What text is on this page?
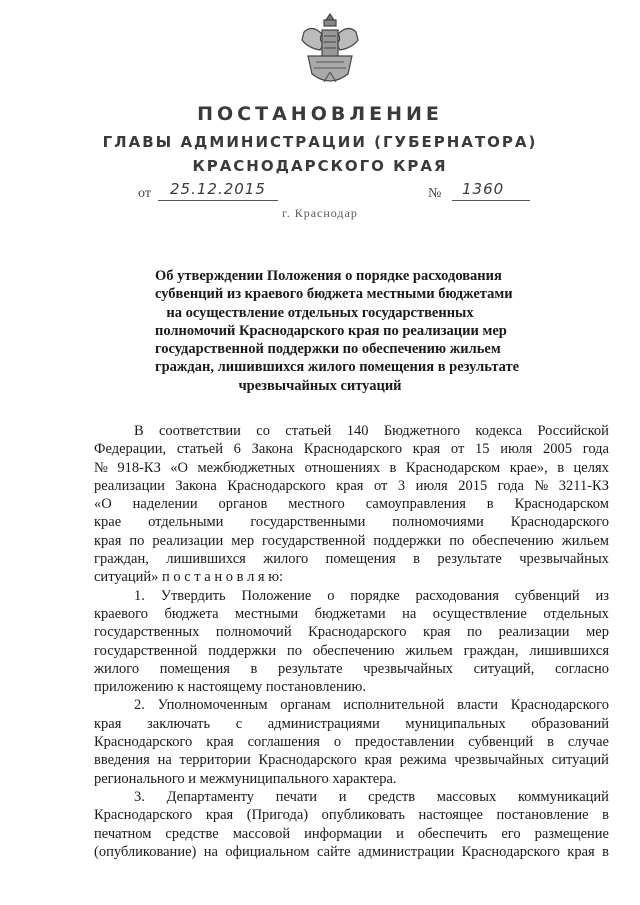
ПОСТАНОВЛЕНИЕ
ГЛАВЫ АДМИНИСТРАЦИИ (ГУБЕРНАТОРА)
КРАСНОДАРСКОГО КРАЯ
от 25.12.2015	№ 1360
г. Краснодар
Об утверждении Положения о порядке расходования
субвенций из краевого бюджета местными бюджетами
на осуществление отдельных государственных
полномочий Краснодарского края по реализации мер
государственной поддержки по обеспечению жильем
граждан, лишившихся жилого помещения в результате
чрезвычайных ситуаций
В соответствии со статьей 140 Бюджетного кодекса Российской
Федерации, статьей 6 Закона Краснодарского края от 15 июля 2005 года
№ 918-КЗ «О межбюджетных отношениях в Краснодарском крае», в целях
реализации Закона Краснодарского края от 3 июля 2015 года № 3211-КЗ
«О наделении органов местного самоуправления в Краснодарском
крае отдельными государственными полномочиями Краснодарского
края по реализации мер государственной поддержки по обеспечению жильем
граждан, лишившихся жилого помещения в результате чрезвычайных
ситуаций» п о с т а н о в л я ю:
1. Утвердить Положение о порядке расходования субвенций из
краевого бюджета местными бюджетами на осуществление отдельных
государственных полномочий Краснодарского края по реализации мер
государственной поддержки по обеспечению жильем граждан, лишившихся
жилого помещения в результате чрезвычайных ситуаций, согласно
приложению к настоящему постановлению.
2. Уполномоченным органам исполнительной власти Краснодарского
края заключать с администрациями муниципальных образований
Краснодарского края соглашения о предоставлении субвенций в случае
введения на территории Краснодарского края режима чрезвычайных ситуаций
регионального и межмуниципального характера.
3. Департаменту печати и средств массовых коммуникаций
Краснодарского края (Пригода) опубликовать настоящее постановление в
печатном средстве массовой информации и обеспечить его размещение
(опубликование) на официальном сайте администрации Краснодарского края в
